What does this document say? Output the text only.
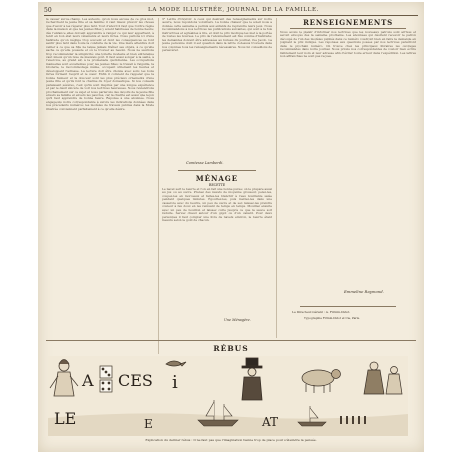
50	LA MODE ILLUSTRÉE, JOURNAL DE LA FAMILLE.
la causer sur-le-champ. Les auteurs, qu'on nous excuse de ce gros mot, recherchent la jeune fille et sa famille; il vaut mieux prévoir les choses que d'avoir à les réparer plus tard. Tout d'abord il faut que l'ordre règne dans la maison et que les jeunes filles y soient habituées de bonne heure; dès l'enfance elles doivent apprendre à ranger ce qui leur appartient, à tenir en bon état leurs vêtements et leurs livres. Nous parlons ici d'une habitude qu'on néglige trop souvent et dont les conséquences se font sentir plus tard dans toute la conduite de la vie. Une mère attentive doit veiller à ce que sa fille ne laisse jamais traîner ses objets, à ce qu'elle sache ce qu'elle possède et où le trouver au besoin. Nous ne saurions trop recommander la simplicité; une toilette modeste et bien entretenue vaut mieux qu'un luxe de mauvais goût. Il faut aussi songer à la santé, à l'exercice, au grand air, à la promenade quotidienne. Les occupations manuelles sont excellentes pour les jeunes filles; le travail à l'aiguille, la broderie, le raccommodage même, occupent utilement les heures et développent l'adresse. La lecture doit être choisie avec soin; les bons livres forment l'esprit et le cœur. Enfin il convient de rappeler que la bonne humeur et la douceur sont les plus précieux ornements d'une jeune fille et qu'ils font le charme du foyer domestique. Si nos conseils paraissent sévères, c'est qu'ils sont inspirés par une longue expérience et par le désir sincère de voir nos lectrices heureuses. Nous reviendrons prochainement sur ce sujet et nous parlerons des devoirs de la jeune fille envers sa famille et envers les pauvres, car la charité est aussi une leçon qu'il faut apprendre de bonne heure. Réponse à une abonnée. Nous engageons notre correspondante à suivre les indications données dans nos précédents numéros; les modèles de travaux publiés dans la Mode illustrée conviennent parfaitement à ce qu'elle désire.
3° Lettre d'Ouvroir. A ceux qui désirent des renseignements sur notre œuvre, nous répondons volontiers. La bonne chaleur que le soleil nous a donnée cette semaine a permis aux enfants de reprendre leurs jeux. Nous recommandons à nos lectrices les publications suivantes, qui sont à la fois instructives et agréables à lire, et dont le prix modique les met à la portée de toutes les bourses. Le prix de l'abonnement est fixé comme d'habitude; les demandes doivent être adressées au bureau du journal, rue Jacob. La jeune personne dont il est question dans la lettre ci-dessus trouvera dans nos colonnes tous les renseignements nécessaires. Nous lui conseillons de persévérer.
Comtesse Lamberdi.
MÉNAGE
RECETTE
Le navet sert le beurre et l'on en fait une bonne purée; on le prépare aussi au jus ou au sucre. Prenez des navets de moyenne grosseur, pelez-les, coupez-les en morceaux et faites-les blanchir à l'eau bouillante salée pendant quelques minutes. Égouttez-les, puis mettez-les dans une casserole avec du beurre, un peu de sucre et de sel; laissez-les prendre couleur à feu doux en les remuant de temps en temps. Mouillez ensuite avec un peu de bouillon et laissez cuire jusqu'à ce que la sauce soit réduite. Servez chaud autour d'un gigot ou d'un canard. Pour deux personnes il faut compter une livre de navets environ, le beurre étant mesuré selon le goût de chacun.
Une Ménagère.
RENSEIGNEMENTS
Nous avons le plaisir d'informer nos lectrices que les nouveaux patrons sont arrivés et seront envoyés dès la semaine prochaine. Les abonnées qui désirent recevoir le patron découpé de l'un des modèles publiés dans ce numéro voudront bien en faire la demande en joignant le prix indiqué. Les réponses aux questions posées par nos lectrices paraîtront dans le prochain numéro. On trouve chez les principaux libraires les ouvrages recommandés dans notre journal. Nous prions nos correspondantes de vouloir bien écrire lisiblement leur nom et leur adresse afin d'éviter toute erreur dans l'expédition. Les lettres non affranchies ne sont pas reçues.
Emmeline Raymond.
Le Directeur-Gérant : A. Firmin-Didot.
Typographie Firmin-Didot et Cie, Paris.
RÉBUS
A CES i
LE	E	AT
Explication du dernier rébus : Il ne faut pas que l'imagination tienne trop de place pour s'éteindre la pensée.
